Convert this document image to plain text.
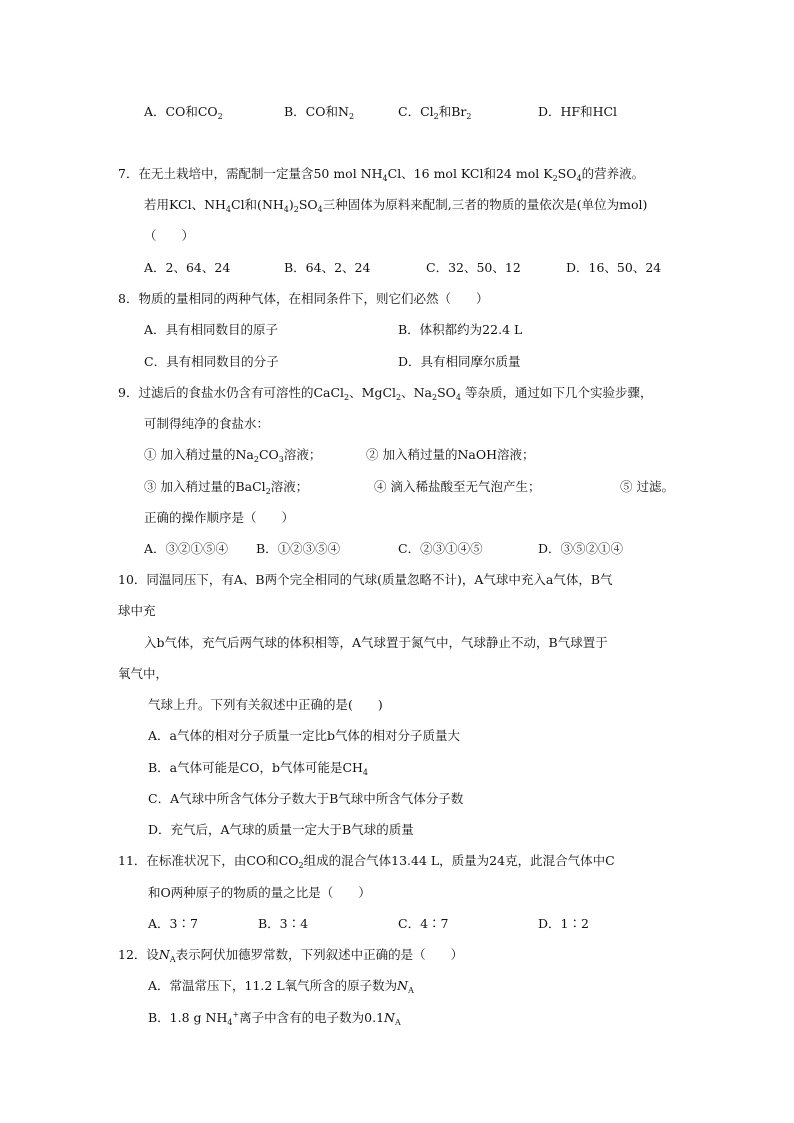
A．CO和$CO_2$	B．CO和$N_2$	C．$Cl_2$和$Br_2$	D．HF和HCl
7．在无土栽培中，需配制一定量含50 mol $NH_4Cl$、16 mol KCl和24 mol $K_2SO_4$的营养液。
若用KCl、$NH_4Cl$和$(NH_4)_2SO_4$三种固体为原料来配制,三者的物质的量依次是(单位为mol)
（　　）
A．2、64、24	B．64、2、24	C．32、50、12	D．16、50、24
8．物质的量相同的两种气体，在相同条件下，则它们必然（　　）
A．具有相同数目的原子	B．体积都约为22.4 L
C．具有相同数目的分子	D．具有相同摩尔质量
9．过滤后的食盐水仍含有可溶性的CaCl$_2$、MgCl$_2$、$Na_2SO_4$ 等杂质，通过如下几个实验步骤，
可制得纯净的食盐水：
① 加入稍过量的$Na_2CO_3$溶液；	② 加入稍过量的NaOH溶液；
③ 加入稍过量的BaCl$_2$溶液；	④ 滴入稀盐酸至无气泡产生；	⑤ 过滤。
正确的操作顺序是（　　）
A．③②①⑤④ B．①②③⑤④	C．②③①④⑤	D．③⑤②①④
10．同温同压下，有A、B两个完全相同的气球(质量忽略不计)，A气球中充入a气体，B气
球中充
入b气体，充气后两气球的体积相等，A气球置于氮气中，气球静止不动，B气球置于
氧气中，
气球上升。下列有关叙述中正确的是(　　)
A．a气体的相对分子质量一定比b气体的相对分子质量大
B．a气体可能是CO，b气体可能是$CH_4$
C．A气球中所含气体分子数大于B气球中所含气体分子数
D．充气后，A气球的质量一定大于B气球的质量
11．在标准状况下，由CO和$CO_2$组成的混合气体13.44 L，质量为24克，此混合气体中C
和O两种原子的物质的量之比是（　　）
A．3∶7	B．3∶4	C．4∶7	D．1∶2
12．设$N_A$表示阿伏加德罗常数，下列叙述中正确的是（　　）
A．常温常压下，11.2 L氧气所含的原子数为$N_A$
B．1.8 g $NH_4^+$离子中含有的电子数为$0.1N_A$
